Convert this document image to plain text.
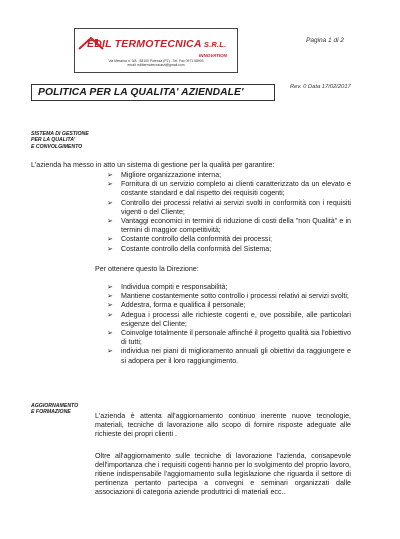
EDIL TERMOTECNICA S.R.L.
INNOVATION
Via Messina n. 3/A - 85100 Potenza (PZ) - Tel. Fax 0971.58903
email: ediltermotecnicasrl@gmail.com
Pagina 1 di 2
POLITICA PER LA QUALITA' AZIENDALE'	Rev. 0 Data 17/02/2017
SISTEMA DI GESTIONE
PER LA QUALITA'
E CONVOLGIMENTO
L'azienda ha messo in atto un sistema di gestione per la qualità per garantire:
➢ Migliore organizzazione interna;
➢ Fornitura di un servizio completo ai clienti caratterizzato da un elevato e costante standard e dal rispetto dei requisiti cogenti;
➢ Controllo dei processi relativi ai servizi svolti in conformità con i requisiti vigenti o del Cliente;
➢ Vantaggi economici in termini di riduzione di costi della "non Qualità" e in termini di maggior competitività;
➢ Costante controllo della conformità dei processi;
➢ Costante controllo della conformità del Sistema;
Per ottenere questo la Direzione:
➢ Individua compiti e responsabilità;
➢ Mantiene costantemente sotto controllo i processi relativi ai servizi svolti;
➢ Addestra, forma e qualifica il personale;
➢ Adegua i processi alle richieste cogenti e, ove possibile, alle particolari esigenze del Cliente;
➢ Coinvolge totalmente il personale affinché il progetto qualità sia l'obiettivo di tutti;
➢ individua nei piani di miglioramento annuali gli obiettivi da raggiungere e si adopera per il loro raggiungimento.
AGGIORNAMENTO
E FORMAZIONE	L'azienda è attenta all'aggiornamento continuo inerente nuove tecnologie, materiali, tecniche di lavorazione allo scopo di fornire risposte adeguate alle richieste dei propri clienti .
Oltre all'aggiornamento sulle tecniche di lavorazione l'azienda, consapevole dell'importanza che i requisiti cogenti hanno per lo svolgimento del proprio lavoro, ritiene indispensabile l'aggiornamento sulla legislazione che riguarda il settore di pertinenza pertanto partecipa a convegni e seminari organizzati dalle associazioni di categoria aziende produttrici di materiali ecc..
